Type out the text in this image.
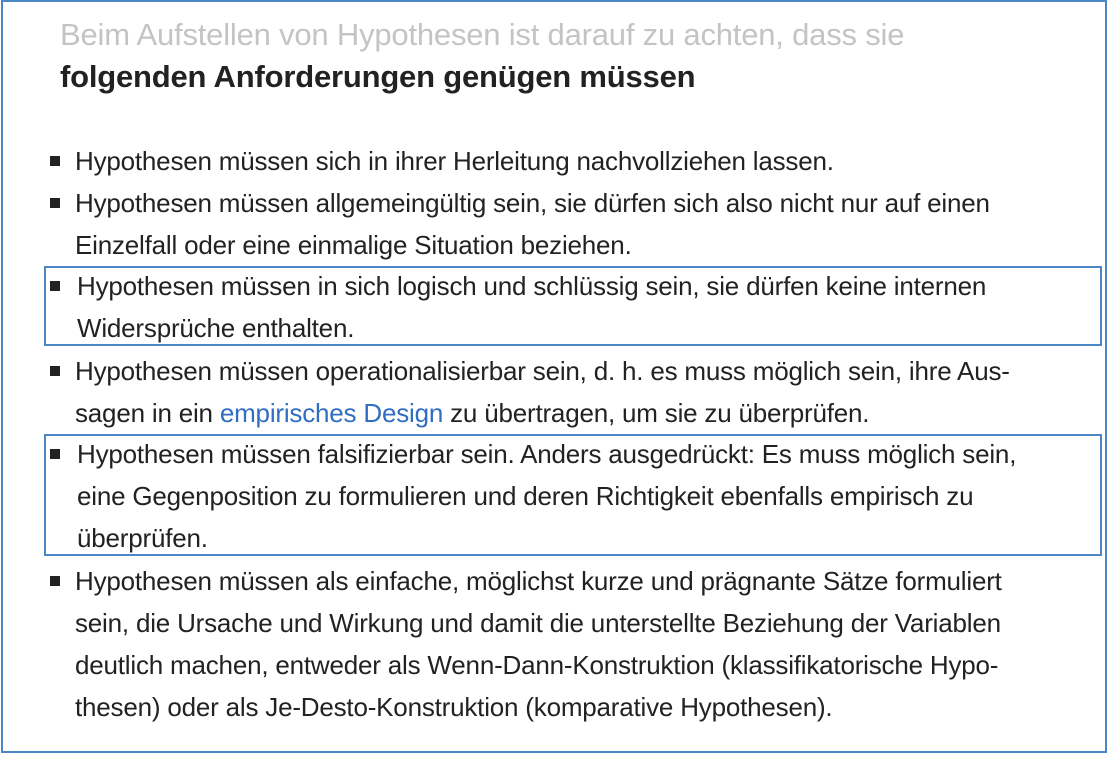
Beim Aufstellen von Hypothesen ist darauf zu achten, dass sie
folgenden Anforderungen genügen müssen
Hypothesen müssen sich in ihrer Herleitung nachvollziehen lassen.
Hypothesen müssen allgemeingültig sein, sie dürfen sich also nicht nur auf einen
Einzelfall oder eine einmalige Situation beziehen.
Hypothesen müssen in sich logisch und schlüssig sein, sie dürfen keine internen
Widersprüche enthalten.
Hypothesen müssen operationalisierbar sein, d. h. es muss möglich sein, ihre Aus-
sagen in ein empirisches Design zu übertragen, um sie zu überprüfen.
Hypothesen müssen falsifizierbar sein. Anders ausgedrückt: Es muss möglich sein,
eine Gegenposition zu formulieren und deren Richtigkeit ebenfalls empirisch zu
überprüfen.
Hypothesen müssen als einfache, möglichst kurze und prägnante Sätze formuliert
sein, die Ursache und Wirkung und damit die unterstellte Beziehung der Variablen
deutlich machen, entweder als Wenn-Dann-Konstruktion (klassifikatorische Hypo-
thesen) oder als Je-Desto-Konstruktion (komparative Hypothesen).
